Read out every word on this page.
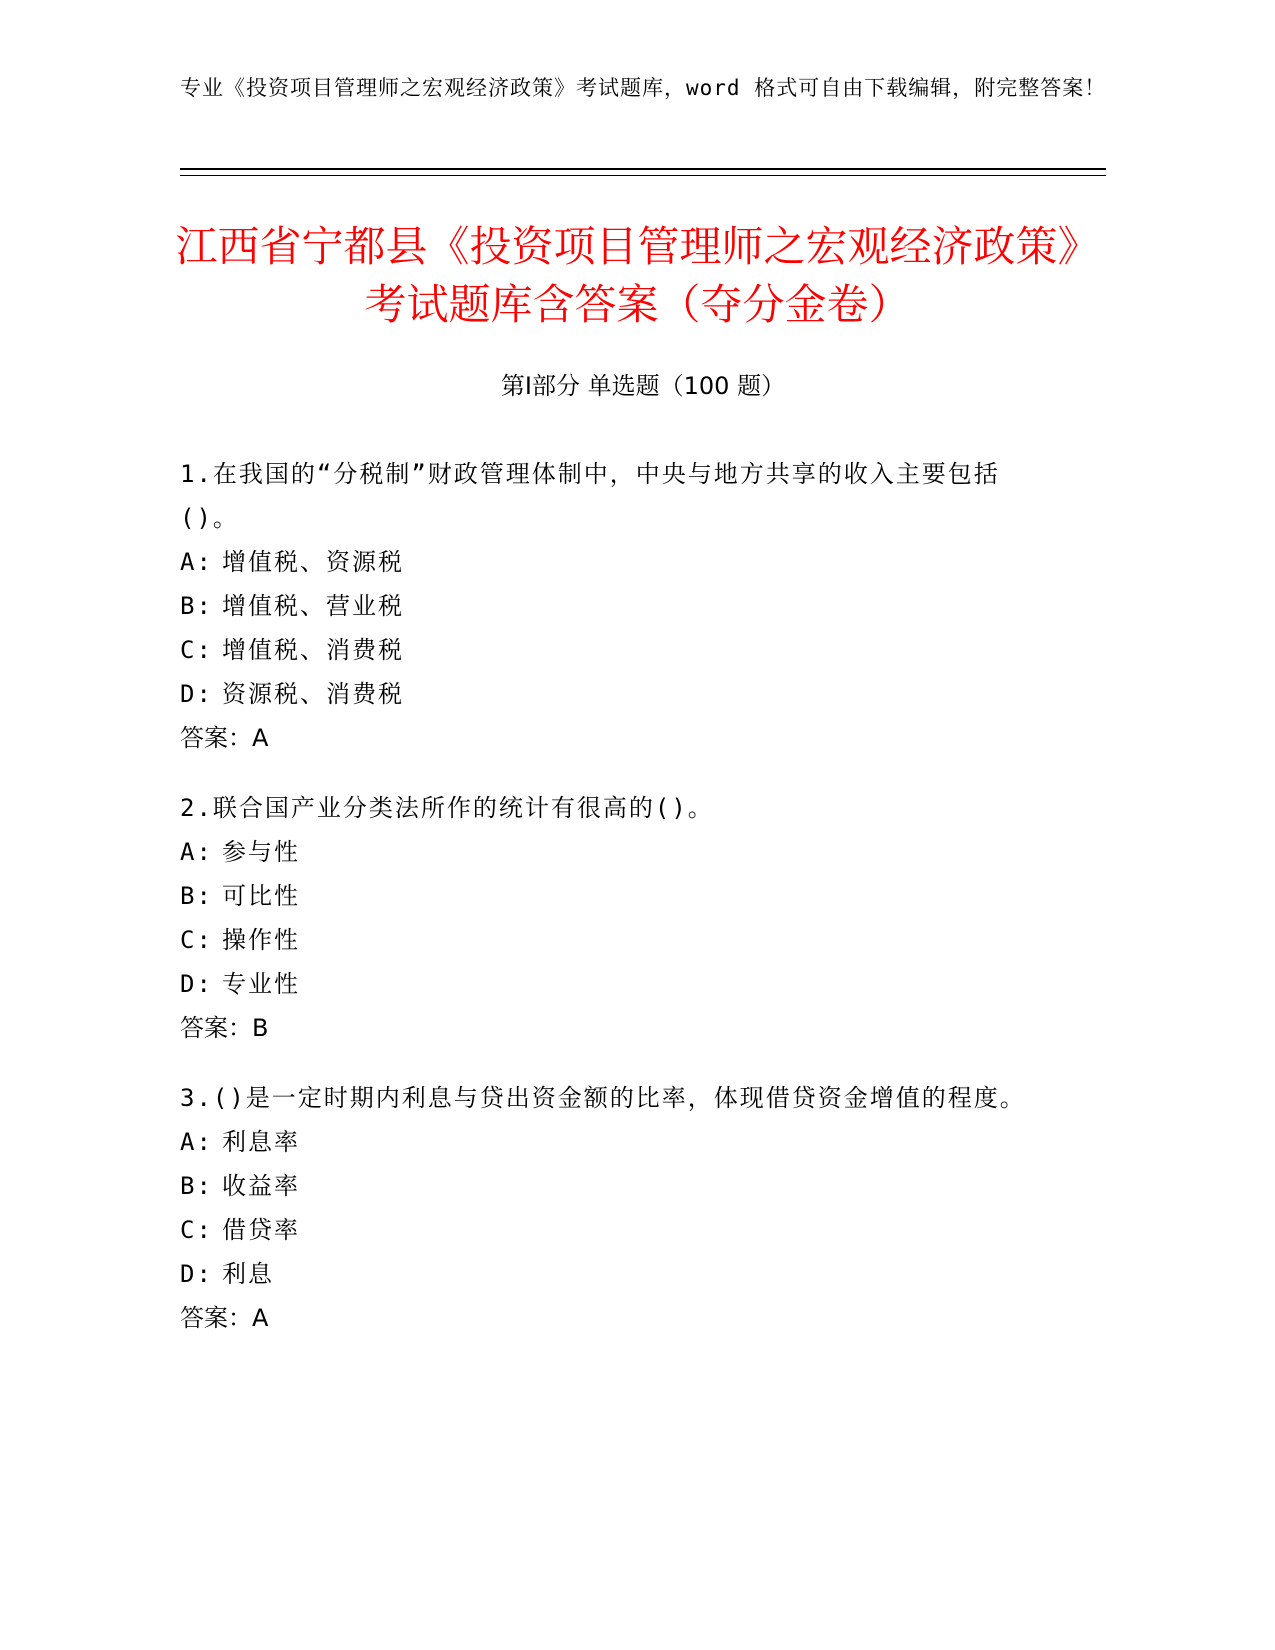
专业《投资项目管理师之宏观经济政策》考试题库，word 格式可自由下载编辑，附完整答案！
江西省宁都县《投资项目管理师之宏观经济政策》考试题库含答案（夺分金卷）
第Ⅰ部分 单选题（100 题）
1.在我国的“分税制”财政管理体制中，中央与地方共享的收入主要包括()。
A: 增值税、资源税
B: 增值税、营业税
C: 增值税、消费税
D: 资源税、消费税
答案：A
2.联合国产业分类法所作的统计有很高的()。
A: 参与性
B: 可比性
C: 操作性
D: 专业性
答案：B
3.()是一定时期内利息与贷出资金额的比率，体现借贷资金增值的程度。
A: 利息率
B: 收益率
C: 借贷率
D: 利息
答案：A
